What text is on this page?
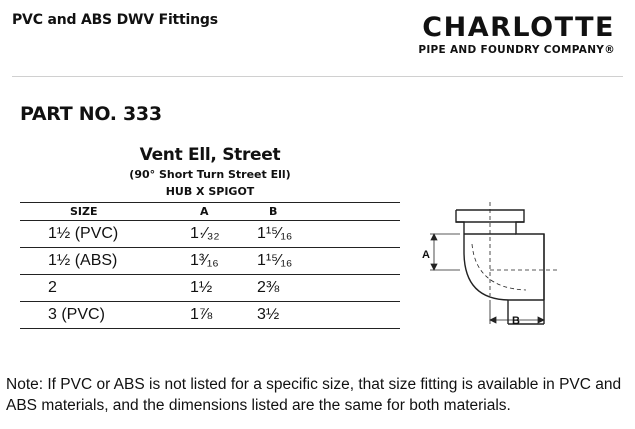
PVC and ABS DWV Fittings	CHARLOTTE
PIPE AND FOUNDRY COMPANY®
PART NO. 333
Vent Ell, Street
(90° Short Turn Street Ell)
HUB X SPIGOT
SIZE	A	B
1½ (PVC)	1·⁄₃₂	1¹⁵⁄₁₆
1½ (ABS)	1³⁄₁₆	1¹⁵⁄₁₆
2	1½	2⅜
3 (PVC)	1⅞	3½
A
B
Note: If PVC or ABS is not listed for a specific size, that size fitting is available in PVC and ABS materials, and the dimensions listed are the same for both materials.
